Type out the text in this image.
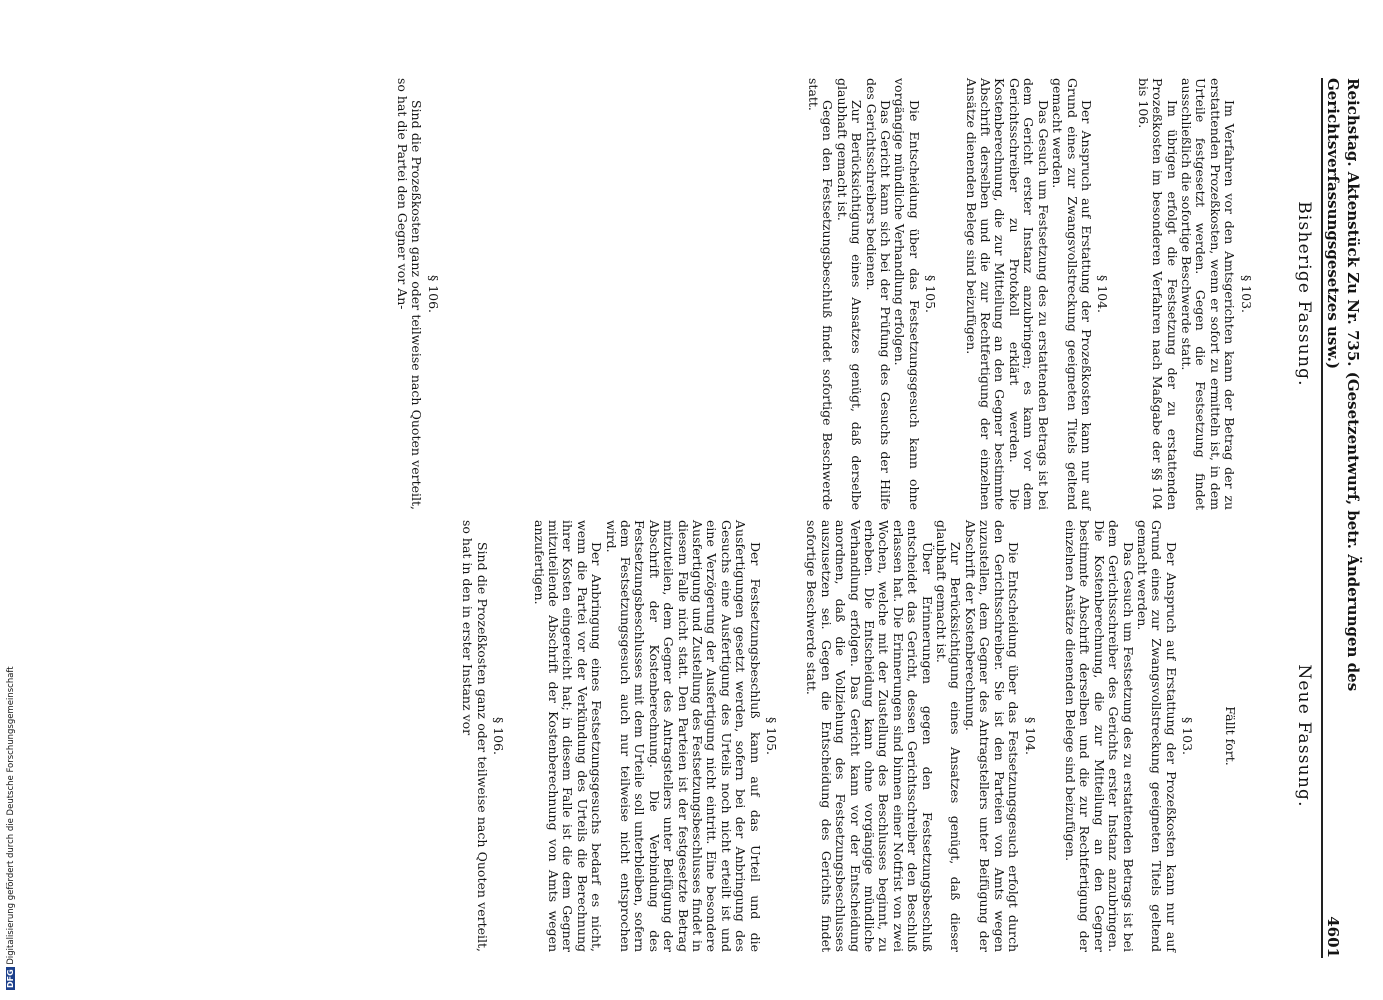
Reichstag. Aktenstück Zu Nr. 735. (Gesetzentwurf, betr. Änderungen des Gerichtsverfassungsgesetzes usw.)
4601
Bisherige Fassung.
§ 103.

Im Verfahren vor den Amtsgerichten kann der Betrag der zu erstattenden Prozeßkosten, wenn er sofort zu ermitteln ist, in dem Urteile festgesetzt werden. Gegen die Festsetzung findet ausschließlich die sofortige Beschwerde statt.

Im übrigen erfolgt die Festsetzung der zu erstattenden Prozeßkosten im besonderen Verfahren nach Maßgabe der §§ 104 bis 106.

§ 104.

Der Anspruch auf Erstattung der Prozeßkosten kann nur auf Grund eines zur Zwangsvollstreckung geeigneten Titels geltend gemacht werden.

Das Gesuch um Festsetzung des zu erstattenden Betrags ist bei dem Gericht erster Instanz anzubringen; es kann vor dem Gerichtsschreiber zu Protokoll erklärt werden. Die Kostenberechnung, die zur Mitteilung an den Gegner bestimmte Abschrift derselben und die zur Rechtfertigung der einzelnen Ansätze dienenden Belege sind beizufügen.

§ 105.

Die Entscheidung über das Festsetzungsgesuch kann ohne vorgängige mündliche Verhandlung erfolgen.

Das Gericht kann sich bei der Prüfung des Gesuchs der Hilfe des Gerichtsschreibers bedienen.

Zur Berücksichtigung eines Ansatzes genügt, daß derselbe glaubhaft gemacht ist.

Gegen den Festsetzungsbeschluß findet sofortige Beschwerde statt.

§ 106.

Sind die Prozeßkosten ganz oder teilweise nach Quoten verteilt, so hat die Partei den Gegner vor An-

Neue Fassung.
Fällt fort.
§ 103.

Der Anspruch auf Erstattung der Prozeßkosten kann nur auf Grund eines zur Zwangsvollstreckung geeigneten Titels geltend gemacht werden.

Das Gesuch um Festsetzung des zu erstattenden Betrags ist bei dem Gerichtsschreiber des Gerichts erster Instanz anzubringen. Die Kostenberechnung, die zur Mitteilung an den Gegner bestimmte Abschrift derselben und die zur Rechtfertigung der einzelnen Ansätze dienenden Belege sind beizufügen.

§ 104.

Die Entscheidung über das Festsetzungsgesuch erfolgt durch den Gerichtsschreiber. Sie ist den Parteien von Amts wegen zuzustellen, dem Gegner des Antragstellers unter Beifügung der Abschrift der Kostenberechnung.

Zur Berücksichtigung eines Ansatzes genügt, daß dieser glaubhaft gemacht ist.

Über Erinnerungen gegen den Festsetzungsbeschluß entscheidet das Gericht, dessen Gerichtsschreiber den Beschluß erlassen hat. Die Erinnerungen sind binnen einer Notfrist von zwei Wochen, welche mit der Zustellung des Beschlusses beginnt, zu erheben. Die Entscheidung kann ohne vorgängige mündliche Verhandlung erfolgen. Das Gericht kann vor der Entscheidung anordnen, daß die Vollziehung des Festsetzungsbeschlusses auszusetzen sei. Gegen die Entscheidung des Gerichts findet sofortige Beschwerde statt.

§ 105.

Der Festsetzungsbeschluß kann auf das Urteil und die Ausfertigungen gesetzt werden, sofern bei der Anbringung des Gesuchs eine Ausfertigung des Urteils noch nicht erteilt ist und eine Verzögerung der Ausfertigung nicht eintritt. Eine besondere Ausfertigung und Zustellung des Festsetzungsbeschlusses findet in diesem Falle nicht statt. Den Parteien ist der festgesetzte Betrag mitzuteilen, dem Gegner des Antragstellers unter Beifügung der Abschrift der Kostenberechnung. Die Verbindung des Festsetzungsbeschlusses mit dem Urteile soll unterbleiben, sofern dem Festsetzungsgesuch auch nur teilweise nicht entsprochen wird.

Der Anbringung eines Festsetzungsgesuchs bedarf es nicht, wenn die Partei vor der Verkündung des Urteils die Berechnung ihrer Kosten eingereicht hat; in diesem Falle ist die dem Gegner mitzuteilende Abschrift der Kostenberechnung von Amts wegen anzufertigen.

§ 106.

Sind die Prozeßkosten ganz oder teilweise nach Quoten verteilt, so hat in den in erster Instanz vor

DFG Digitalisierung gefördert durch die Deutsche Forschungsgemeinschaft
